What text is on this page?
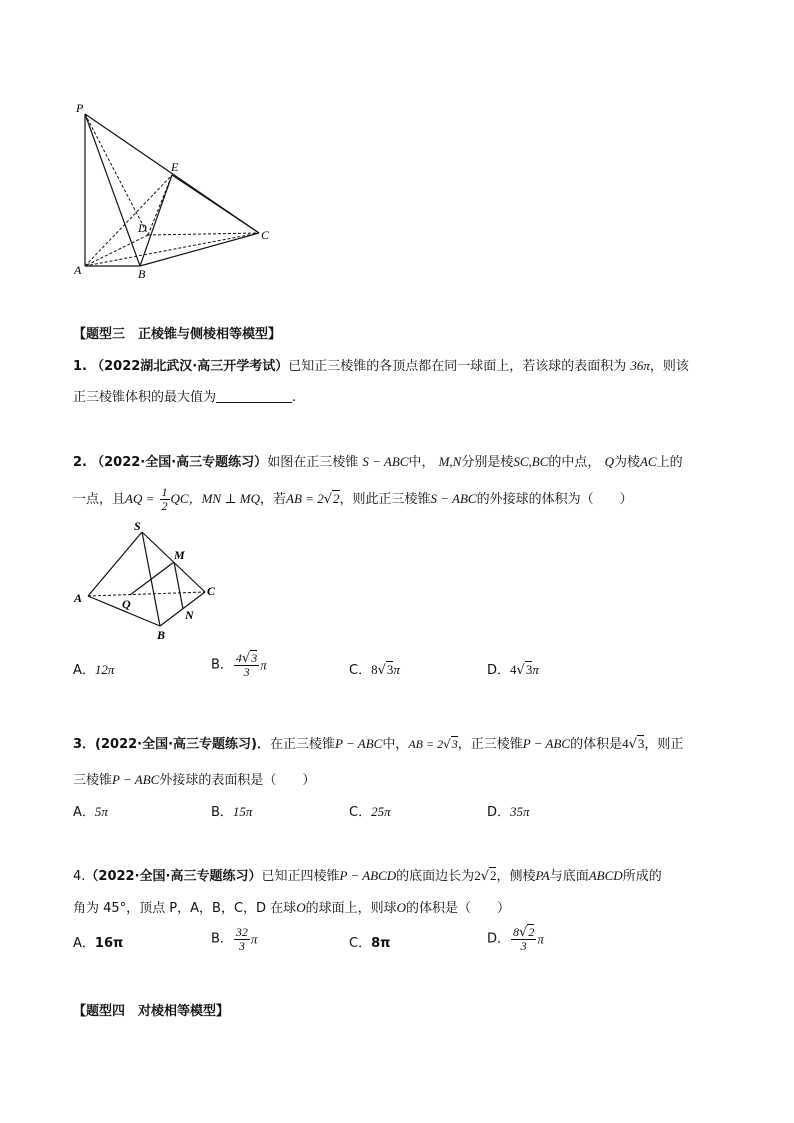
P
E
D	C
A	B
【题型三　正棱锥与侧棱相等模型】
1. （2022湖北武汉·高三开学考试）已知正三棱锥的各顶点都在同一球面上，若该球的表面积为 36π，则该
正三棱锥体积的最大值为	.
2. （2022·全国·高三专题练习）如图在正三棱锥 S − ABC中， M,N分别是棱SC,BC的中点， Q为棱AC上的
一点，且AQ = $\frac{1}{2}$ QC，MN ⊥ MQ，若AB = 2√2，则此正三棱锥S − ABC的外接球的体积为（　　）
S
M
C
A	Q
N
B
A．12π	B． $\frac{4√3}{3}$ π	C．8√3π	D．4√3π
3．(2022·全国·高三专题练习)．在正三棱锥P − ABC中，AB = 2√3，正三棱锥P − ABC的体积是4√3，则正
三棱锥P − ABC外接球的表面积是（　　）
A．5π	B．15π	C．25π	D．35π
4.（2022·全国·高三专题练习）已知正四棱锥P − ABCD的底面边长为2√2，侧棱PA与底面ABCD所成的
角为 45°，顶点 P，A，B，C，D 在球O的球面上，则球O的体积是（　　）
A．16π	B． $\frac{32}{3}$ π	C．8π	D． $\frac{8√2}{3}$ π
【题型四　对棱相等模型】
